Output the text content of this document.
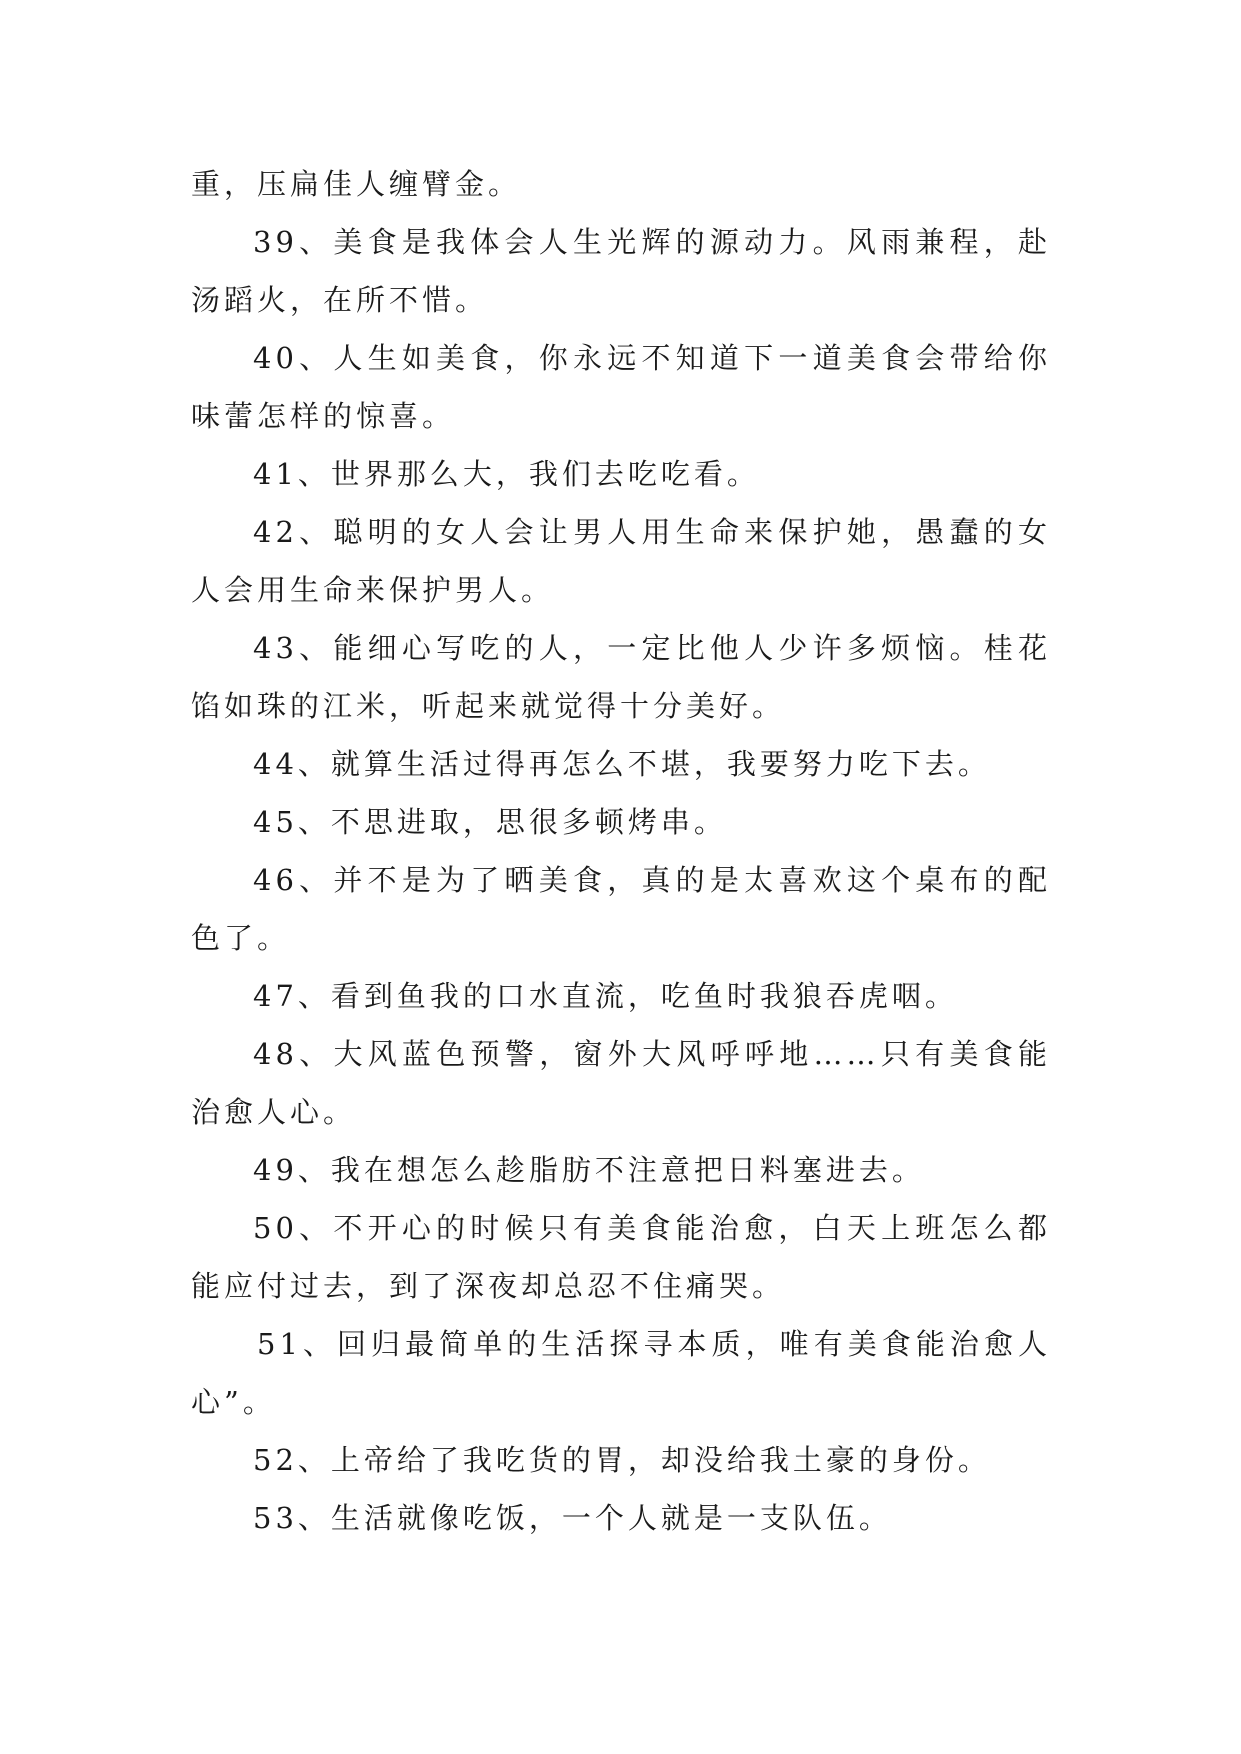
重，压扁佳人缠臂金。

39、美食是我体会人生光辉的源动力。风雨兼程，赴汤蹈火，在所不惜。

40、人生如美食，你永远不知道下一道美食会带给你味蕾怎样的惊喜。

41、世界那么大，我们去吃吃看。

42、聪明的女人会让男人用生命来保护她，愚蠢的女人会用生命来保护男人。

43、能细心写吃的人，一定比他人少许多烦恼。桂花馅如珠的江米，听起来就觉得十分美好。

44、就算生活过得再怎么不堪，我要努力吃下去。

45、不思进取，思很多顿烤串。

46、并不是为了晒美食，真的是太喜欢这个桌布的配色了。

47、看到鱼我的口水直流，吃鱼时我狼吞虎咽。

48、大风蓝色预警，窗外大风呼呼地……只有美食能治愈人心。

49、我在想怎么趁脂肪不注意把日料塞进去。

50、不开心的时候只有美食能治愈，白天上班怎么都能应付过去，到了深夜却总忍不住痛哭。

51、回归最简单的生活探寻本质，唯有美食能治愈人心”。

52、上帝给了我吃货的胃，却没给我土豪的身份。

53、生活就像吃饭，一个人就是一支队伍。
